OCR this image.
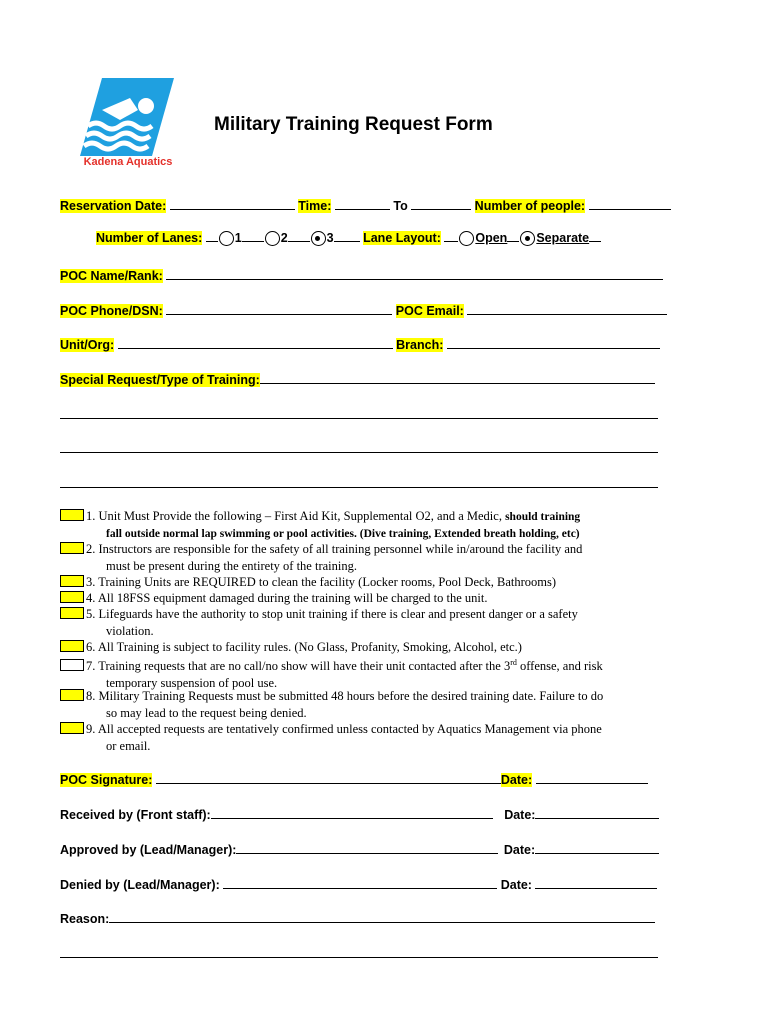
Kadena Aquatics
Military Training Request Form
Reservation Date:	Time:	To	Number of people:
Number of Lanes:	1	2	3 Lane Layout:	Open Separate
POC Name/Rank:
POC Phone/DSN:	POC Email:
Unit/Org:	Branch:
Special Request/Type of Training:
1. Unit Must Provide the following – First Aid Kit, Supplemental O2, and a Medic, should training
fall outside normal lap swimming or pool activities. (Dive training, Extended breath holding, etc)
2. Instructors are responsible for the safety of all training personnel while in/around the facility and
must be present during the entirety of the training.
3. Training Units are REQUIRED to clean the facility (Locker rooms, Pool Deck, Bathrooms)
4. All 18FSS equipment damaged during the training will be charged to the unit.
5. Lifeguards have the authority to stop unit training if there is clear and present danger or a safety
violation.
6. All Training is subject to facility rules. (No Glass, Profanity, Smoking, Alcohol, etc.)
7. Training requests that are no call/no show will have their unit contacted after the 3rd offense, and risk
temporary suspension of pool use.
8. Military Training Requests must be submitted 48 hours before the desired training date. Failure to do
so may lead to the request being denied.
9. All accepted requests are tentatively confirmed unless contacted by Aquatics Management via phone
or email.
POC Signature:	Date:
Received by (Front staff):	Date:
Approved by (Lead/Manager):	Date:
Denied by (Lead/Manager):	Date:
Reason:
